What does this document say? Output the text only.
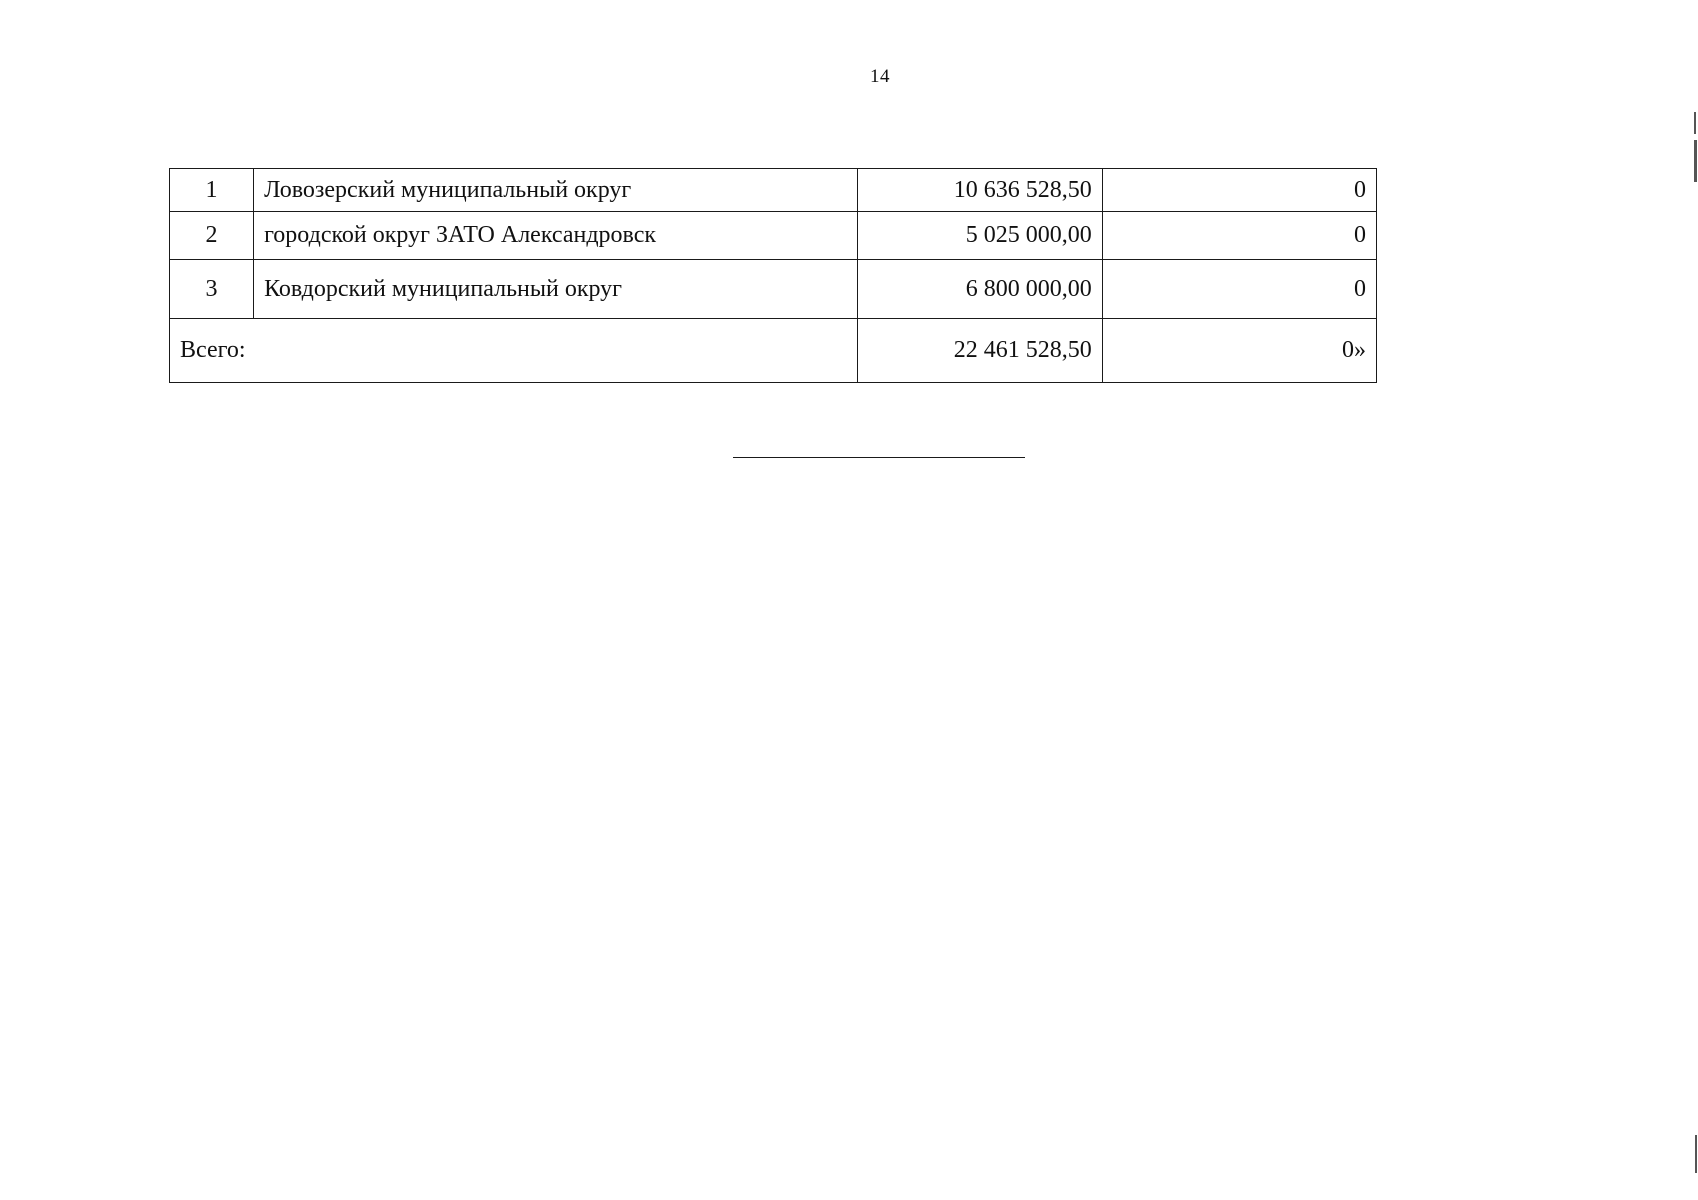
14
1	Ловозерский муниципальный округ	10 636 528,50	0
2	городской округ ЗАТО Александровск	5 025 000,00	0
3	Ковдорский муниципальный округ	6 800 000,00	0
Всего:		22 461 528,50	0»
